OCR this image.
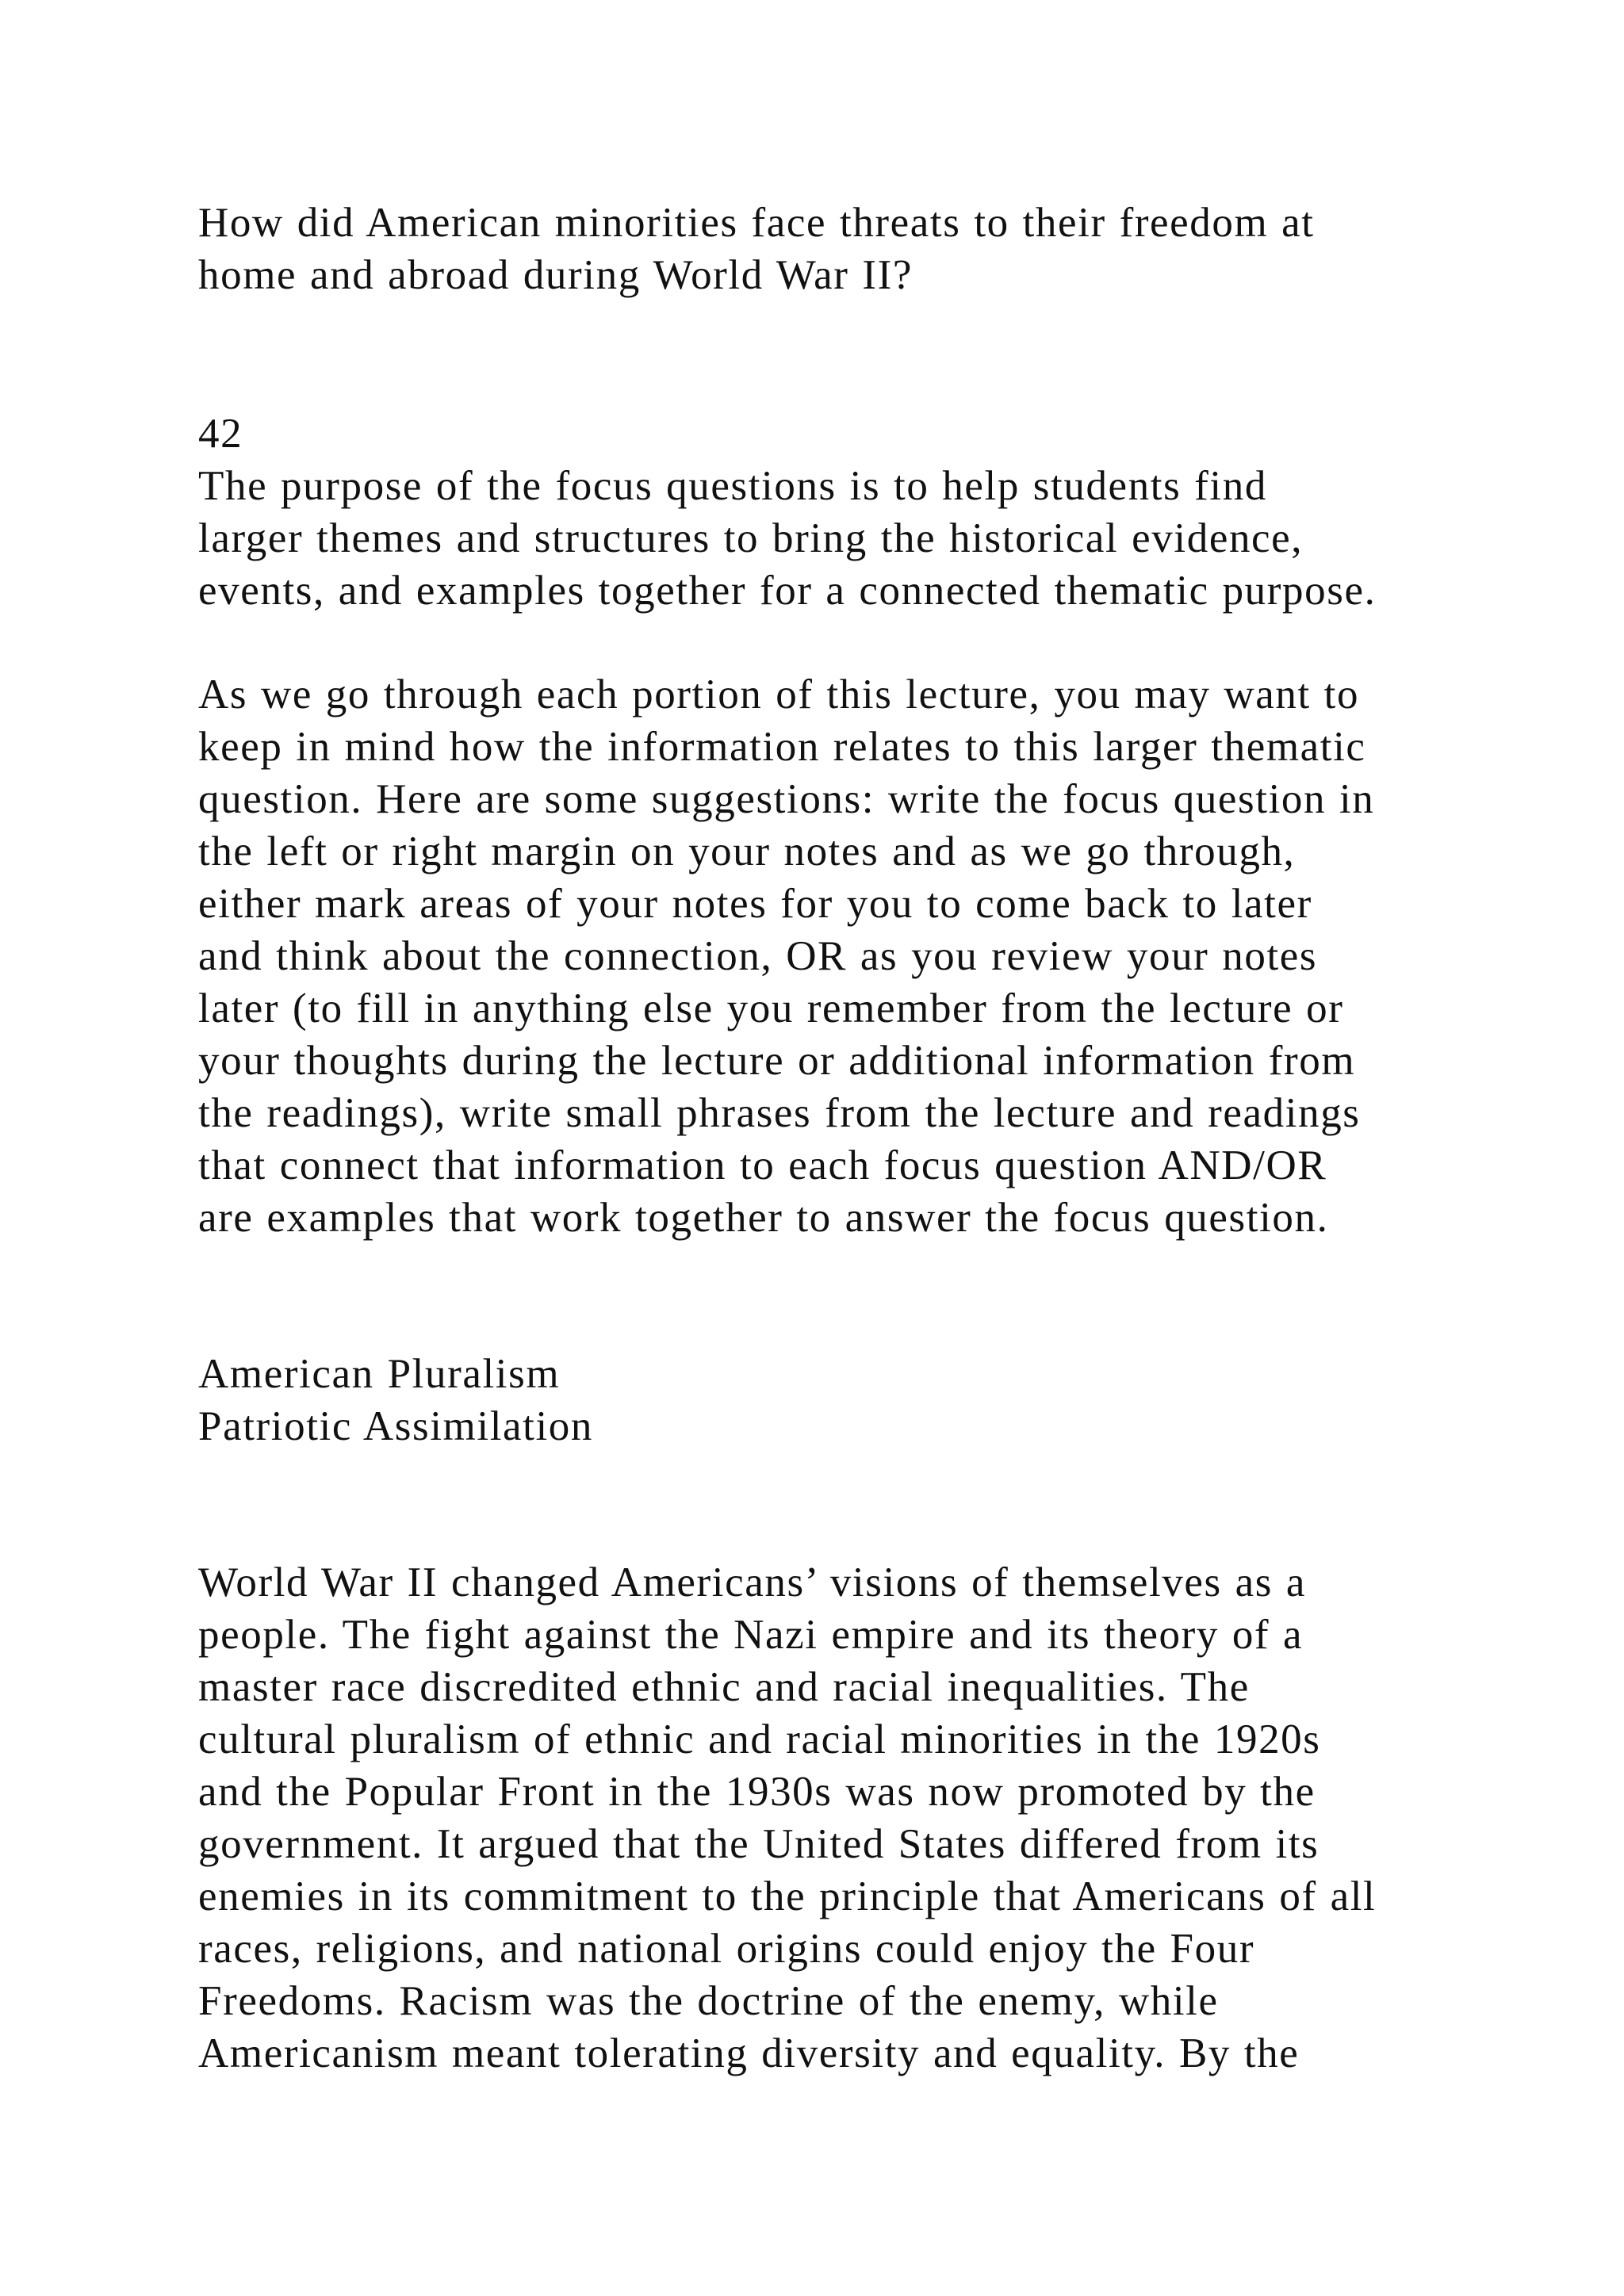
How did American minorities face threats to their freedom at
home and abroad during World War II?
42
The purpose of the focus questions is to help students find
larger themes and structures to bring the historical evidence,
events, and examples together for a connected thematic purpose.
As we go through each portion of this lecture, you may want to
keep in mind how the information relates to this larger thematic
question. Here are some suggestions: write the focus question in
the left or right margin on your notes and as we go through,
either mark areas of your notes for you to come back to later
and think about the connection, OR as you review your notes
later (to fill in anything else you remember from the lecture or
your thoughts during the lecture or additional information from
the readings), write small phrases from the lecture and readings
that connect that information to each focus question AND/OR
are examples that work together to answer the focus question.
American Pluralism
Patriotic Assimilation
World War II changed Americans’ visions of themselves as a
people. The fight against the Nazi empire and its theory of a
master race discredited ethnic and racial inequalities. The
cultural pluralism of ethnic and racial minorities in the 1920s
and the Popular Front in the 1930s was now promoted by the
government. It argued that the United States differed from its
enemies in its commitment to the principle that Americans of all
races, religions, and national origins could enjoy the Four
Freedoms. Racism was the doctrine of the enemy, while
Americanism meant tolerating diversity and equality. By the
